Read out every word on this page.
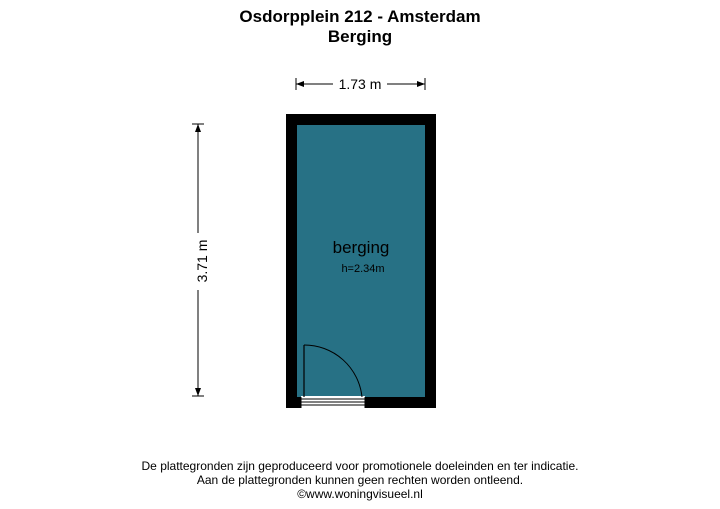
Osdorpplein 212 - Amsterdam
Berging
1.73 m
3.71 m	berging
h=2.34m
De plattegronden zijn geproduceerd voor promotionele doeleinden en ter indicatie.
Aan de plattegronden kunnen geen rechten worden ontleend.
©www.woningvisueel.nl
